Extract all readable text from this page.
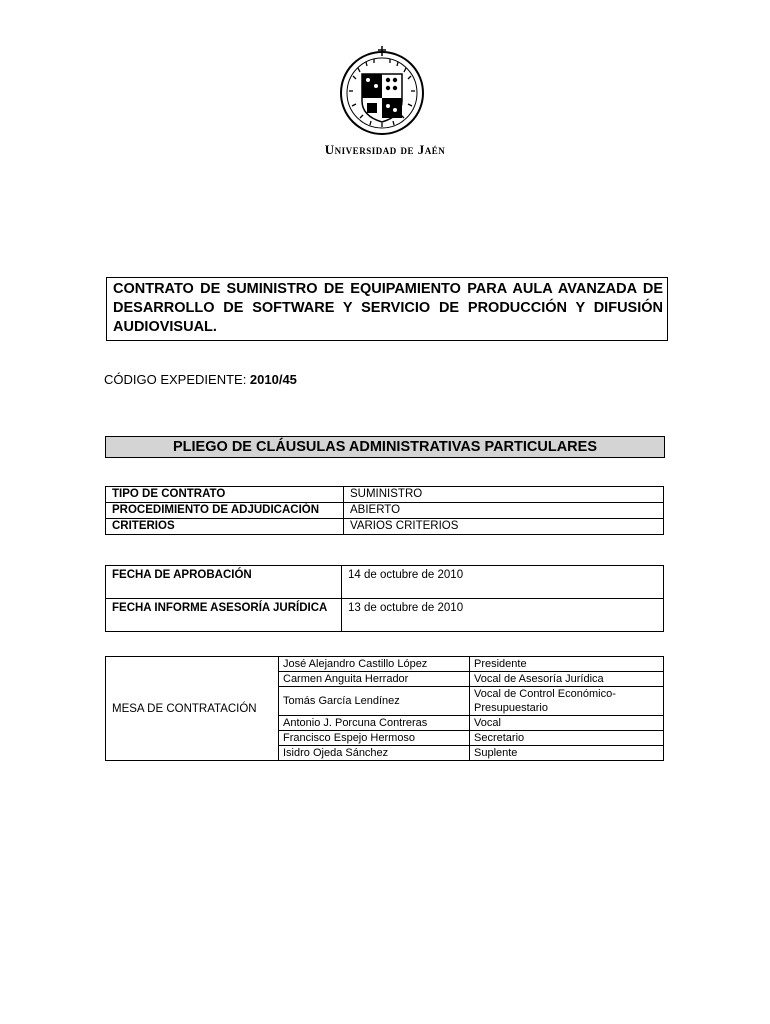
Universidad de Jaén
CONTRATO DE SUMINISTRO DE EQUIPAMIENTO PARA AULA AVANZADA DE DESARROLLO DE SOFTWARE Y SERVICIO DE PRODUCCIÓN Y DIFUSIÓN AUDIOVISUAL.
CÓDIGO EXPEDIENTE: 2010/45
PLIEGO DE CLÁUSULAS ADMINISTRATIVAS PARTICULARES
TIPO DE CONTRATO	SUMINISTRO
PROCEDIMIENTO DE ADJUDICACIÓN	ABIERTO
CRITERIOS	VARIOS CRITERIOS
FECHA DE APROBACIÓN	14 de octubre de 2010
FECHA INFORME ASESORÍA JURÍDICA	13 de octubre de 2010
MESA DE CONTRATACIÓN	José Alejandro Castillo López	Presidente
	Carmen Anguita Herrador	Vocal de Asesoría Jurídica
	Tomás García Lendínez	Vocal de Control Económico-Presupuestario
	Antonio J. Porcuna Contreras	Vocal
	Francisco Espejo Hermoso	Secretario
	Isidro Ojeda Sánchez	Suplente
